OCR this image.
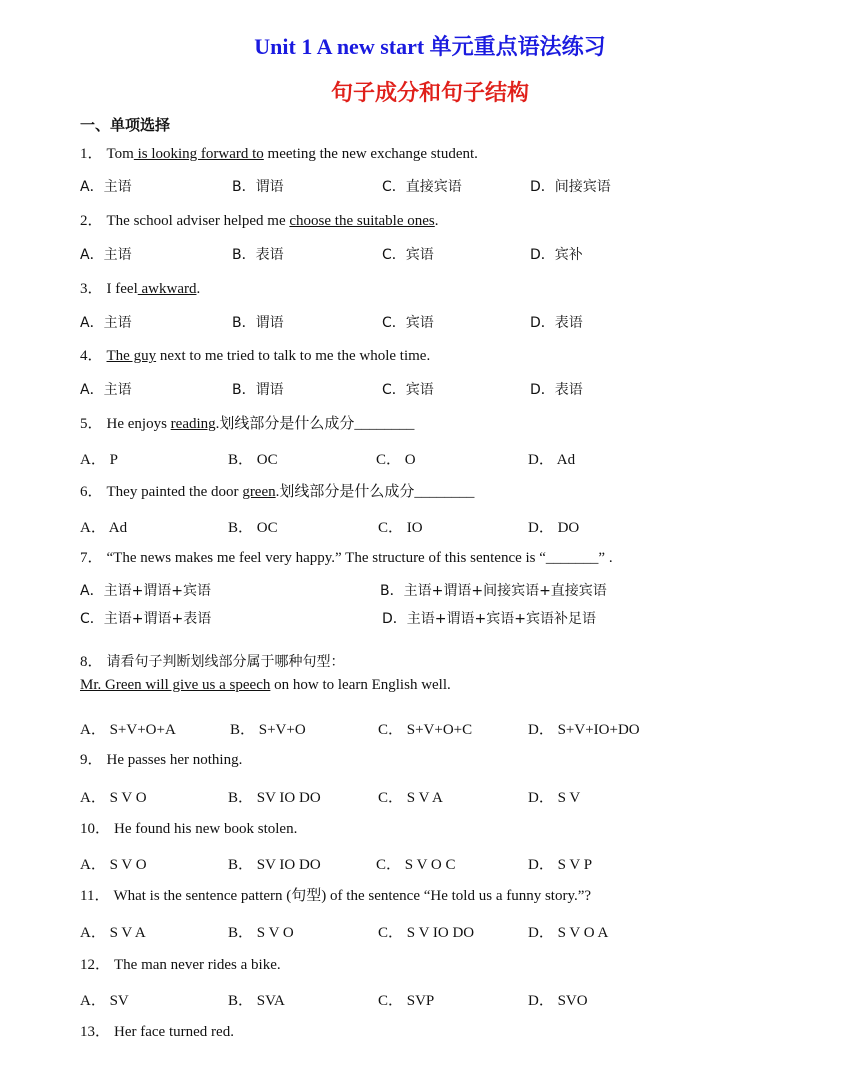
Unit 1 A new start 单元重点语法练习
句子成分和句子结构
一、单项选择
1． Tom is looking forward to meeting the new exchange student.
A．主语	B．谓语	C．直接宾语	D．间接宾语
2． The school adviser helped me choose the suitable ones.
A．主语	B．表语	C．宾语	D．宾补
3． I feel awkward.
A．主语	B．谓语	C．宾语	D．表语
4． The guy next to me tried to talk to me the whole time.
A．主语	B．谓语	C．宾语	D．表语
5． He enjoys reading.划线部分是什么成分________
A． P	B． OC	C． O	D． Ad
6． They painted the door green.划线部分是什么成分________
A． Ad	B． OC	C． IO	D． DO
7． “The news makes me feel very happy.” The structure of this sentence is “_______” .
A．主语+谓语+宾语	B．主语+谓语+间接宾语+直接宾语
C．主语+谓语+表语	D．主语+谓语+宾语+宾语补足语
8． 请看句子判断划线部分属于哪种句型：
Mr. Green will give us a speech on how to learn English well.
A． S+V+O+A	B． S+V+O	C． S+V+O+C	D． S+V+IO+DO
9． He passes her nothing.
A． S V O	B． SV IO DO	C． S V A	D． S V
10． He found his new book stolen.
A． S V O	B． SV IO DO	C． S V O C	D． S V P
11． What is the sentence pattern (句型) of the sentence “He told us a funny story.”?
A． S V A	B． S V O	C． S V IO DO	D． S V O A
12． The man never rides a bike.
A． SV	B． SVA	C． SVP	D． SVO
13． Her face turned red.
